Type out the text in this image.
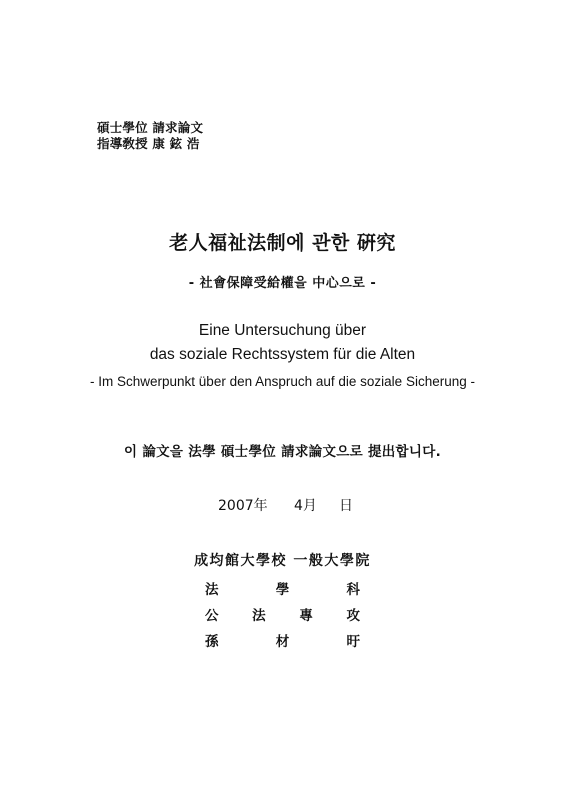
碩士學位 請求論文
指導敎授 康 鉉 浩
老人福祉法制에 관한 硏究
- 社會保障受給權을 中心으로 -
Eine Untersuchung über
das soziale Rechtssystem für die Alten
- Im Schwerpunkt über den Anspruch auf die soziale Sicherung -
이 論文을 法學 碩士學位 請求論文으로 提出합니다.
2007年 4月 日
成均館大學校 一般大學院
法	學	科
公 法 專 攻
孫	材	旴
